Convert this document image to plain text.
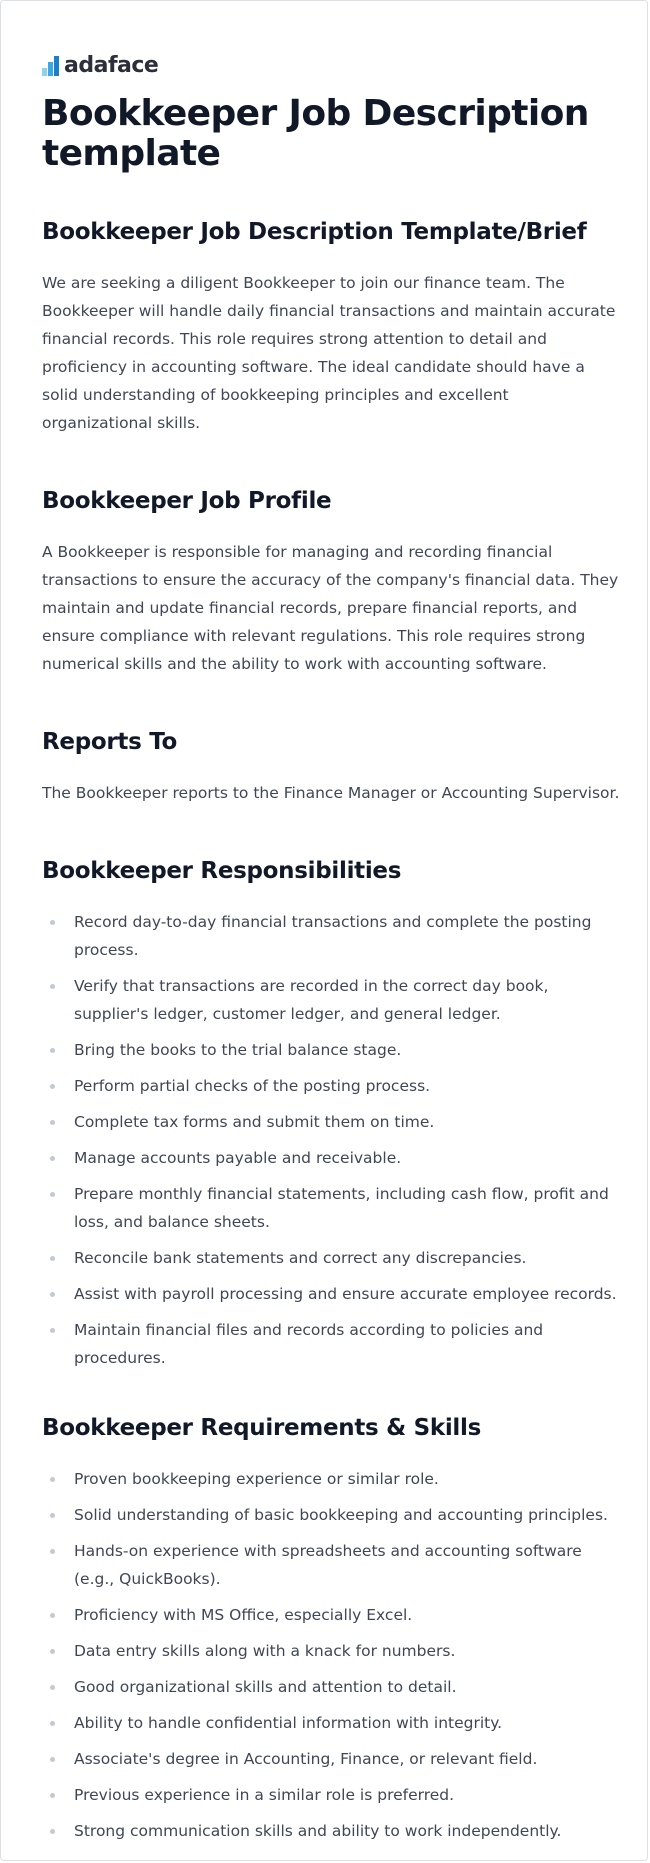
adaface
Bookkeeper Job Description template
Bookkeeper Job Description Template/Brief

We are seeking a diligent Bookkeeper to join our finance team. The Bookkeeper will handle daily financial transactions and maintain accurate financial records. This role requires strong attention to detail and proficiency in accounting software. The ideal candidate should have a solid understanding of bookkeeping principles and excellent organizational skills.

Bookkeeper Job Profile

A Bookkeeper is responsible for managing and recording financial transactions to ensure the accuracy of the company's financial data. They maintain and update financial records, prepare financial reports, and ensure compliance with relevant regulations. This role requires strong numerical skills and the ability to work with accounting software.

Reports To

The Bookkeeper reports to the Finance Manager or Accounting Supervisor.

Bookkeeper Responsibilities
Record day-to-day financial transactions and complete the posting process.
Verify that transactions are recorded in the correct day book, supplier's ledger, customer ledger, and general ledger.
Bring the books to the trial balance stage.
Perform partial checks of the posting process.
Complete tax forms and submit them on time.
Manage accounts payable and receivable.
Prepare monthly financial statements, including cash flow, profit and loss, and balance sheets.
Reconcile bank statements and correct any discrepancies.
Assist with payroll processing and ensure accurate employee records.
Maintain financial files and records according to policies and procedures.
Bookkeeper Requirements & Skills
Proven bookkeeping experience or similar role.
Solid understanding of basic bookkeeping and accounting principles.
Hands-on experience with spreadsheets and accounting software (e.g., QuickBooks).
Proficiency with MS Office, especially Excel.
Data entry skills along with a knack for numbers.
Good organizational skills and attention to detail.
Ability to handle confidential information with integrity.
Associate's degree in Accounting, Finance, or relevant field.
Previous experience in a similar role is preferred.
Strong communication skills and ability to work independently.
